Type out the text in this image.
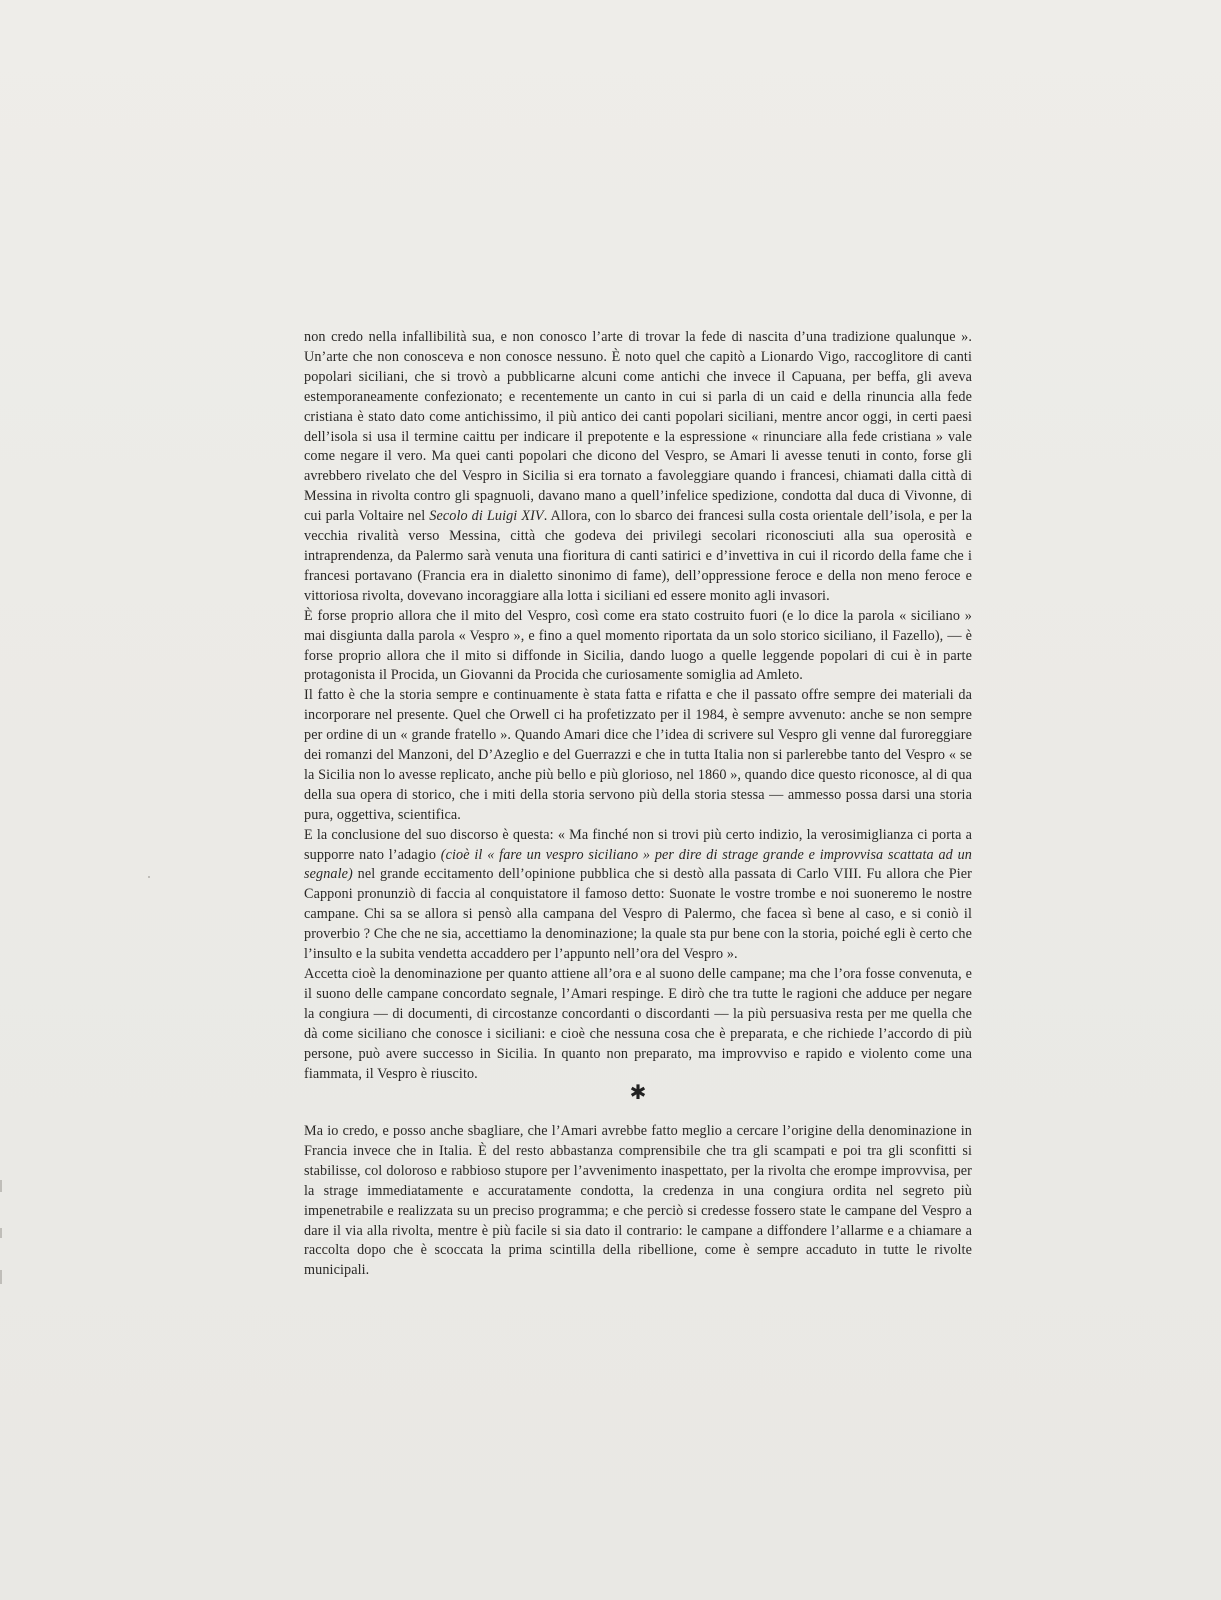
non credo nella infallibilità sua, e non conosco l’arte di trovar la fede di nascita d’una tradizione qualunque ». Un’arte che non conosceva e non conosce nessuno. È noto quel che capitò a Lionardo Vigo, raccoglitore di canti popolari siciliani, che si trovò a pubblicarne alcuni come antichi che invece il Capuana, per beffa, gli aveva estemporaneamente confezionato; e recentemente un canto in cui si parla di un caid e della rinuncia alla fede cristiana è stato dato come antichissimo, il più antico dei canti popolari siciliani, mentre ancor oggi, in certi paesi dell’isola si usa il termine caittu per indicare il prepotente e la espressione « rinunciare alla fede cristiana » vale come negare il vero. Ma quei canti popolari che dicono del Vespro, se Amari li avesse tenuti in conto, forse gli avrebbero rivelato che del Vespro in Sicilia si era tornato a favoleggiare quando i francesi, chiamati dalla città di Messina in rivolta contro gli spagnuoli, davano mano a quell’infelice spedizione, condotta dal duca di Vivonne, di cui parla Voltaire nel Secolo di Luigi XIV. Allora, con lo sbarco dei francesi sulla costa orientale dell’isola, e per la vecchia rivalità verso Messina, città che godeva dei privilegi secolari riconosciuti alla sua operosità e intraprendenza, da Palermo sarà venuta una fioritura di canti satirici e d’invettiva in cui il ricordo della fame che i francesi portavano (Francia era in dialetto sinonimo di fame), dell’oppressione feroce e della non meno feroce e vittoriosa rivolta, dovevano incoraggiare alla lotta i siciliani ed essere monito agli invasori.

È forse proprio allora che il mito del Vespro, così come era stato costruito fuori (e lo dice la parola « siciliano » mai disgiunta dalla parola « Vespro », e fino a quel momento riportata da un solo storico siciliano, il Fazello), — è forse proprio allora che il mito si diffonde in Sicilia, dando luogo a quelle leggende popolari di cui è in parte protagonista il Procida, un Giovanni da Procida che curiosamente somiglia ad Amleto.

Il fatto è che la storia sempre e continuamente è stata fatta e rifatta e che il passato offre sempre dei materiali da incorporare nel presente. Quel che Orwell ci ha profetizzato per il 1984, è sempre avvenuto: anche se non sempre per ordine di un « grande fratello ». Quando Amari dice che l’idea di scrivere sul Vespro gli venne dal furoreggiare dei romanzi del Manzoni, del D’Azeglio e del Guerrazzi e che in tutta Italia non si parlerebbe tanto del Vespro « se la Sicilia non lo avesse replicato, anche più bello e più glorioso, nel 1860 », quando dice questo riconosce, al di qua della sua opera di storico, che i miti della storia servono più della storia stessa — ammesso possa darsi una storia pura, oggettiva, scientifica.

E la conclusione del suo discorso è questa: « Ma finché non si trovi più certo indizio, la verosimiglianza ci porta a supporre nato l’adagio (cioè il « fare un vespro siciliano » per dire di strage grande e improvvisa scattata ad un segnale) nel grande eccitamento dell’opinione pubblica che si destò alla passata di Carlo VIII. Fu allora che Pier Capponi pronunziò di faccia al conquistatore il famoso detto: Suonate le vostre trombe e noi suoneremo le nostre campane. Chi sa se allora si pensò alla campana del Vespro di Palermo, che facea sì bene al caso, e si coniò il proverbio ? Che che ne sia, accettiamo la denominazione; la quale sta pur bene con la storia, poiché egli è certo che l’insulto e la subita vendetta accaddero per l’appunto nell’ora del Vespro ».

Accetta cioè la denominazione per quanto attiene all’ora e al suono delle campane; ma che l’ora fosse convenuta, e il suono delle campane concordato segnale, l’Amari respinge. E dirò che tra tutte le ragioni che adduce per negare la congiura — di documenti, di circostanze concordanti o discordanti — la più persuasiva resta per me quella che dà come siciliano che conosce i siciliani: e cioè che nessuna cosa che è preparata, e che richiede l’accordo di più persone, può avere successo in Sicilia. In quanto non preparato, ma improvviso e rapido e violento come una fiammata, il Vespro è riuscito.

✱

Ma io credo, e posso anche sbagliare, che l’Amari avrebbe fatto meglio a cercare l’origine della denominazione in Francia invece che in Italia. È del resto abbastanza comprensibile che tra gli scampati e poi tra gli sconfitti si stabilisse, col doloroso e rabbioso stupore per l’avvenimento inaspettato, per la rivolta che erompe improvvisa, per la strage immediatamente e accuratamente condotta, la credenza in una congiura ordita nel segreto più impenetrabile e realizzata su un preciso programma; e che perciò si credesse fossero state le campane del Vespro a dare il via alla rivolta, mentre è più facile si sia dato il contrario: le campane a diffondere l’allarme e a chiamare a raccolta dopo che è scoccata la prima scintilla della ribellione, come è sempre accaduto in tutte le rivolte municipali.
